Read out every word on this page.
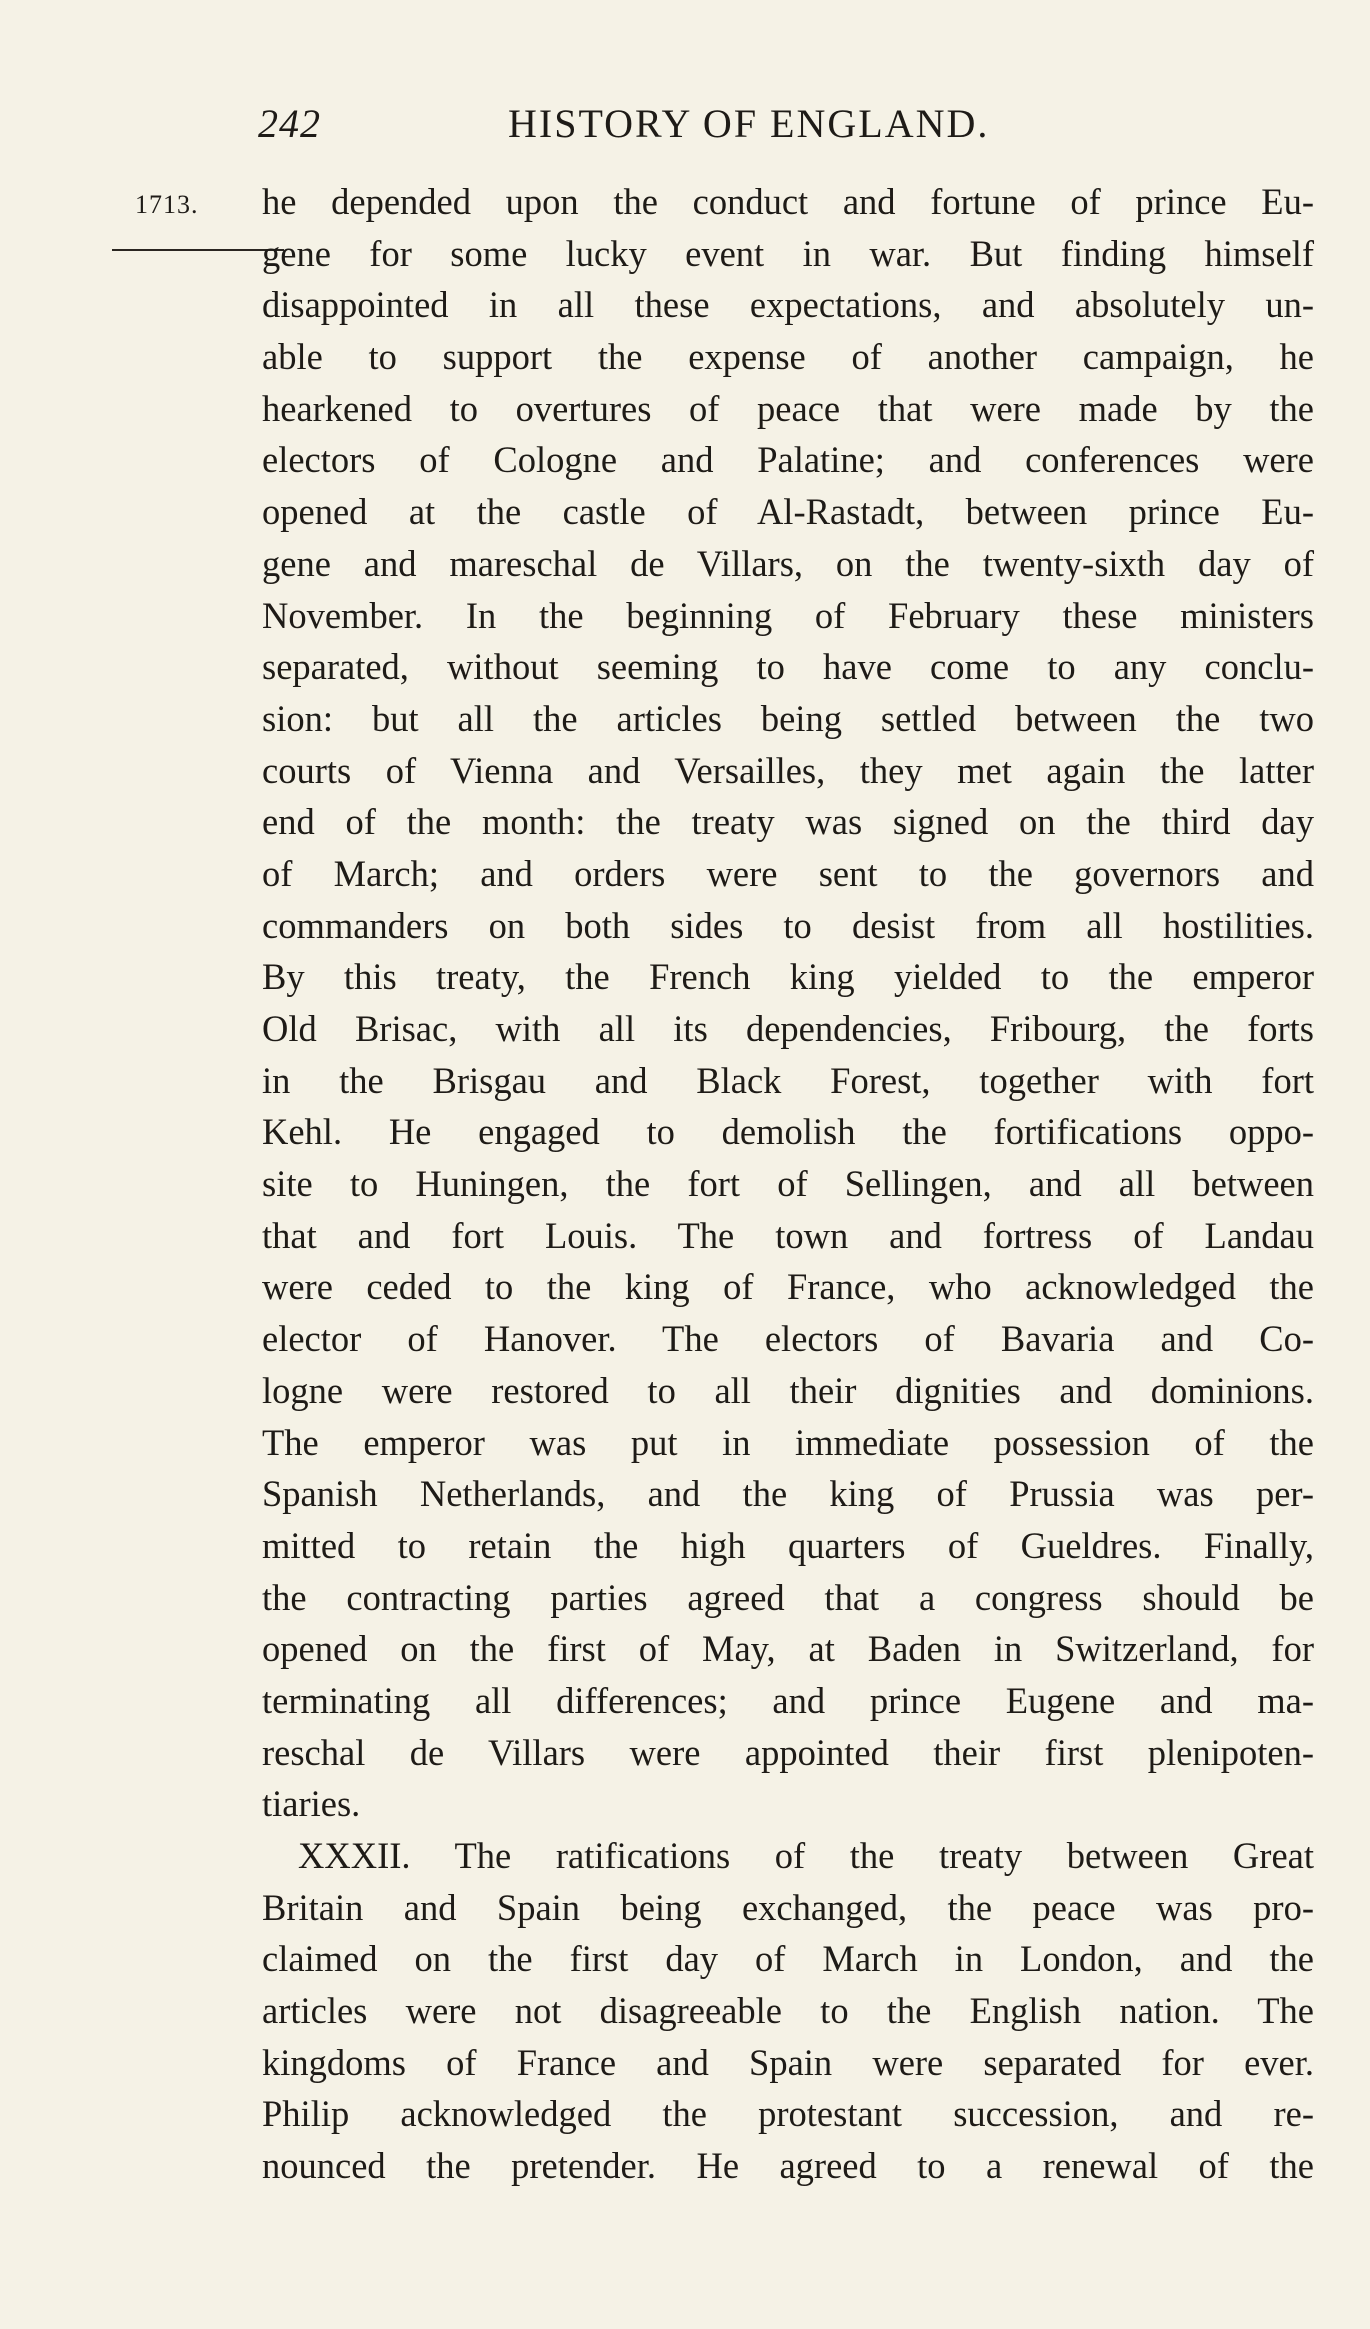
242	HISTORY OF ENGLAND.
1713. he depended upon the conduct and fortune of prince Eu-
gene for some lucky event in war. But finding himself
disappointed in all these expectations, and absolutely un-
able to support the expense of another campaign, he
hearkened to overtures of peace that were made by the
electors of Cologne and Palatine; and conferences were
opened at the castle of Al-Rastadt, between prince Eu-
gene and mareschal de Villars, on the twenty-sixth day of
November. In the beginning of February these ministers
separated, without seeming to have come to any conclu-
sion: but all the articles being settled between the two
courts of Vienna and Versailles, they met again the latter
end of the month: the treaty was signed on the third day
of March; and orders were sent to the governors and
commanders on both sides to desist from all hostilities.
By this treaty, the French king yielded to the emperor
Old Brisac, with all its dependencies, Fribourg, the forts
in the Brisgau and Black Forest, together with fort
Kehl. He engaged to demolish the fortifications oppo-
site to Huningen, the fort of Sellingen, and all between
that and fort Louis. The town and fortress of Landau
were ceded to the king of France, who acknowledged the
elector of Hanover. The electors of Bavaria and Co-
logne were restored to all their dignities and dominions.
The emperor was put in immediate possession of the
Spanish Netherlands, and the king of Prussia was per-
mitted to retain the high quarters of Gueldres. Finally,
the contracting parties agreed that a congress should be
opened on the first of May, at Baden in Switzerland, for
terminating all differences; and prince Eugene and ma-
reschal de Villars were appointed their first plenipoten-
tiaries.
XXXII. The ratifications of the treaty between Great
Britain and Spain being exchanged, the peace was pro-
claimed on the first day of March in London, and the
articles were not disagreeable to the English nation. The
kingdoms of France and Spain were separated for ever.
Philip acknowledged the protestant succession, and re-
nounced the pretender. He agreed to a renewal of the
